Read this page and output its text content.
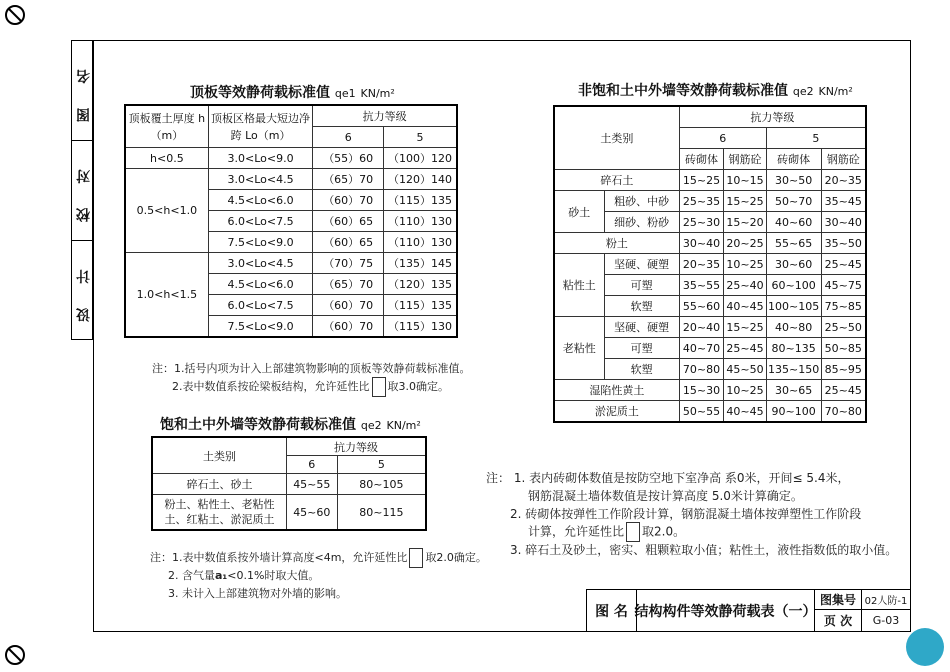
图 名
校 对
设 计
顶板等效静荷载标准值 qe1 KN/m²
顶板覆土厚度 h（m）	顶板区格最大短边净跨 Lo（m）	抗力等级	
		6	5
h<0.5	3.0<Lo<9.0	（55）60	（100）120
0.5<h<1.0	3.0<Lo<4.5	（65）70	（120）140
	4.5<Lo<6.0	（60）70	（115）135
	6.0<Lo<7.5	（60）65	（110）130
	7.5<Lo<9.0	（60）65	（110）130
1.0<h<1.5	3.0<Lo<4.5	（70）75	（135）145
	4.5<Lo<6.0	（65）70	（120）135
	6.0<Lo<7.5	（60）70	（115）135
	7.5<Lo<9.0	（60）70	（115）130
注：1.括号内项为计入上部建筑物影响的顶板等效静荷载标准值。
2.表中数值系按砼梁板结构，允许延性比 取3.0确定。
饱和土中外墙等效静荷载标准值 qe2 KN/m²
土类别	抗力等级	
	6	5
碎石土、砂土	45~55	80~105
粉土、粘性土、老粘性土、红粘土、淤泥质土	45~60	80~115
注：1.表中数值系按外墙计算高度<4m，允许延性比 取2.0确定。
2. 含气量a₁<0.1%时取大值。
3. 未计入上部建筑物对外墙的影响。
非饱和土中外墙等效静荷载标准值 qe2 KN/m²
土类别		抗力等级			
		6		5	
		砖砌体	钢筋砼	砖砌体	钢筋砼
碎石土		15~25	10~15	30~50	20~35
砂土	粗砂、中砂	25~35	15~25	50~70	35~45
	细砂、粉砂	25~30	15~20	40~60	30~40
粉土		30~40	20~25	55~65	35~50
粘性土	坚硬、硬塑	20~35	10~25	30~60	25~45
	可塑	35~55	25~40	60~100	45~75
	软塑	55~60	40~45	100~105	75~85
老粘性	坚硬、硬塑	20~40	15~25	40~80	25~50
	可塑	40~70	25~45	80~135	50~85
	软塑	70~80	45~50	135~150	85~95
湿陷性黄土		15~30	10~25	30~65	25~45
淤泥质土		50~55	40~45	90~100	70~80
注： 1. 表内砖砌体数值是按防空地下室净高 系0米，开间≤ 5.4米，
钢筋混凝土墙体数值是按计算高度 5.0米计算确定。
2. 砖砌体按弹性工作阶段计算，钢筋混凝土墙体按弹塑性工作阶段
计算，允许延性比 取2.0。
3. 碎石土及砂土，密实、粗颗粒取小值；粘性土，液性指数低的取小值。
图 名 结构构件等效静荷载表（一）
图集号 02人防-1
页 次	G-03
